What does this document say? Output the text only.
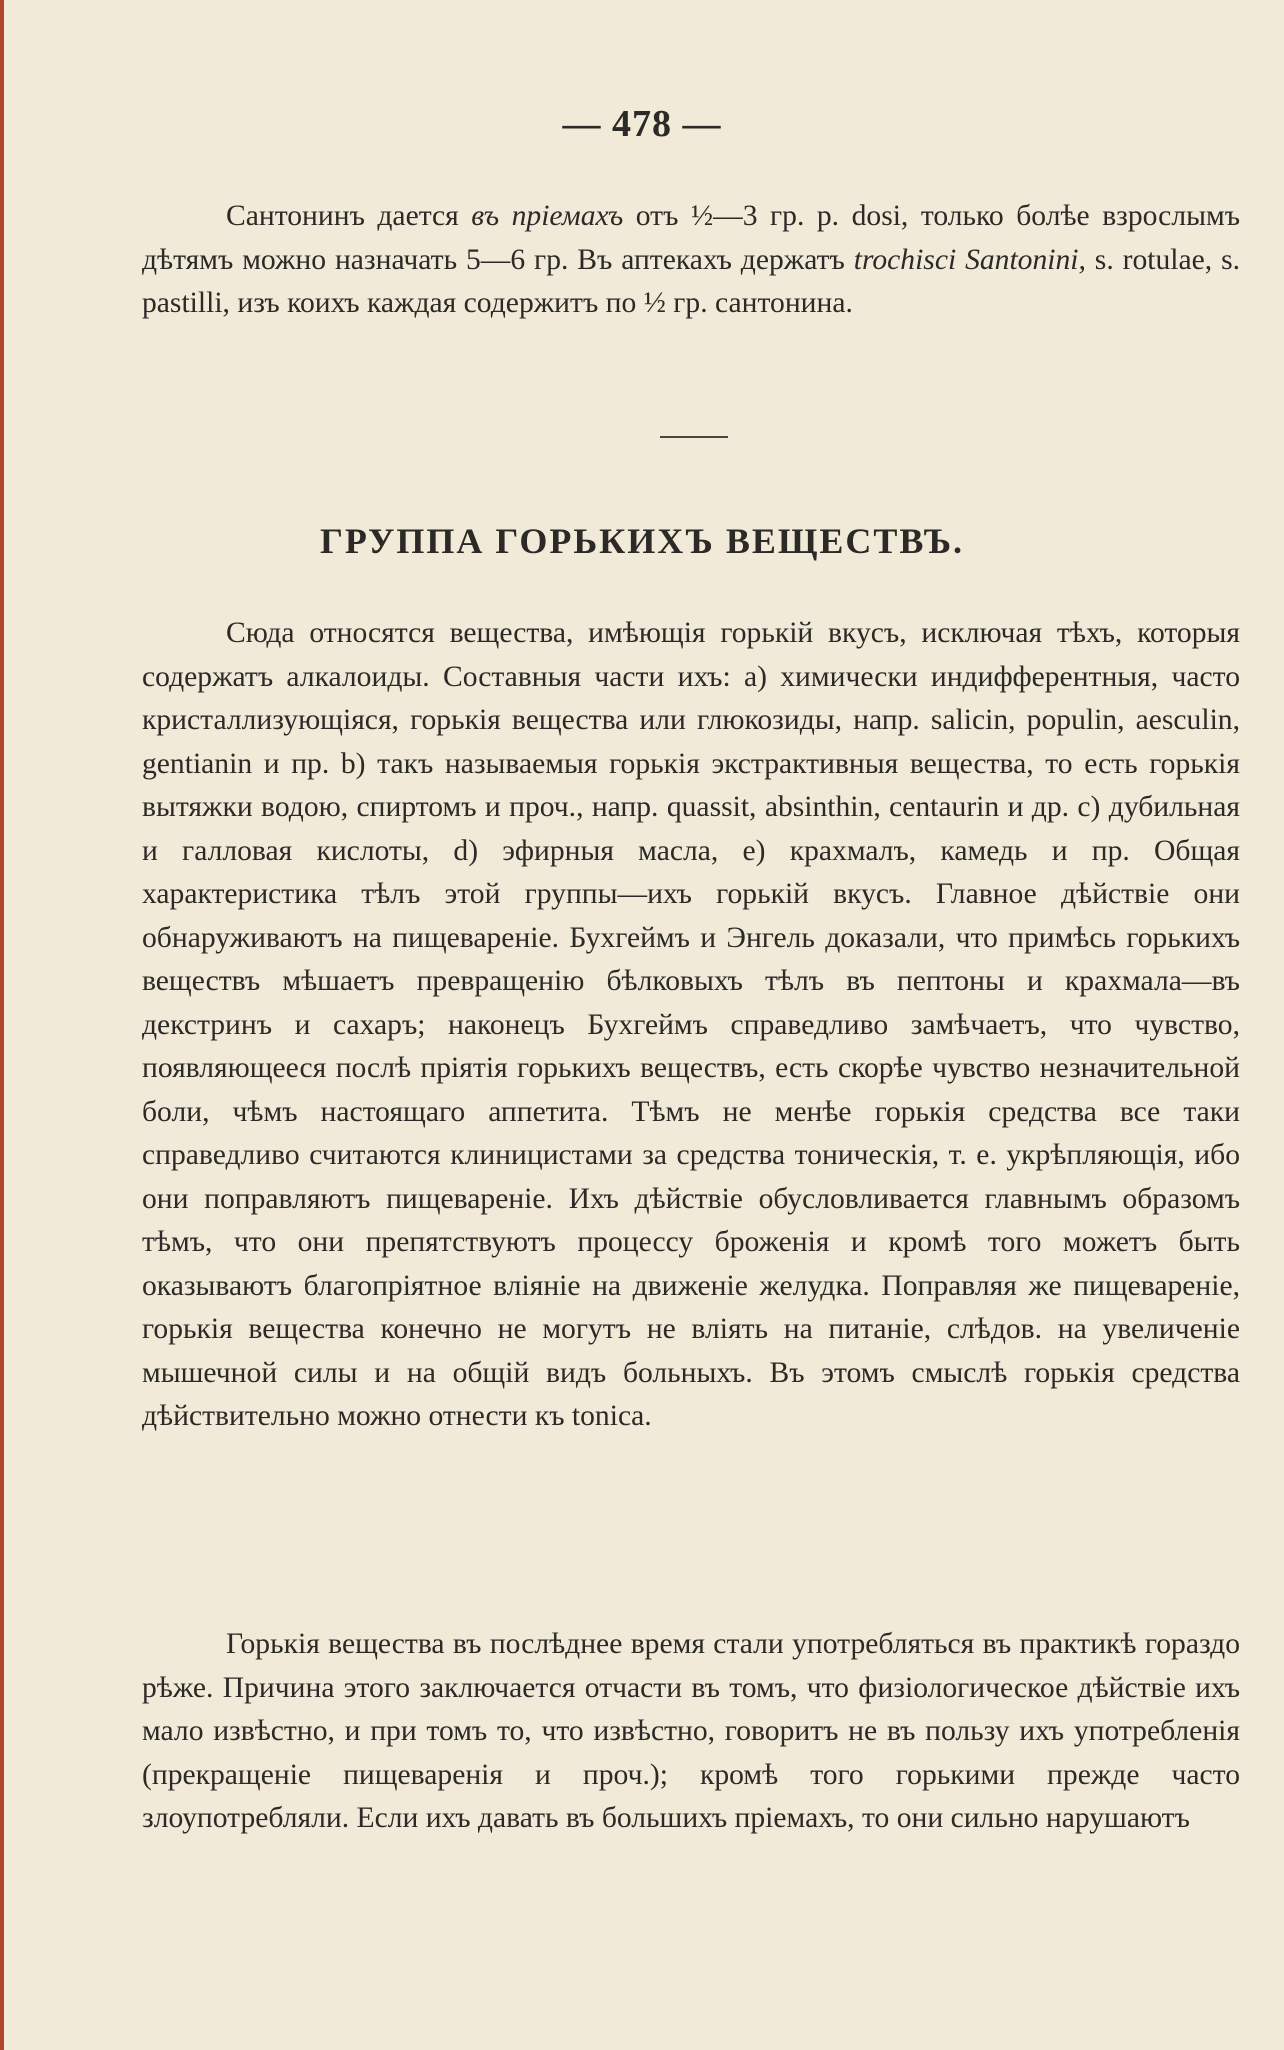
— 478 —

Сантонинъ дается въ пріемахъ отъ ½—3 гр. p. dosi, только болѣе взрослымъ дѣтямъ можно назначать 5—6 гр. Въ аптекахъ держатъ trochisci Santonini, s. rotulae, s. pastilli, изъ коихъ каждая содержитъ по ½ гр. сантонина.

ГРУППА ГОРЬКИХЪ ВЕЩЕСТВЪ.

Сюда относятся вещества, имѣющія горькій вкусъ, исключая тѣхъ, которыя содержатъ алкалоиды. Составныя части ихъ: a) химически индифферентныя, часто кристаллизующіяся, горькія вещества или глюкозиды, напр. salicin, populin, aesculin, gentianin и пр. b) такъ называемыя горькія экстрактивныя вещества, то есть горькія вытяжки водою, спиртомъ и проч., напр. quassit, absinthin, centaurin и др. c) дубильная и галловая кислоты, d) эфирныя масла, e) крахмалъ, камедь и пр. Общая характеристика тѣлъ этой группы—ихъ горькій вкусъ. Главное дѣйствіе они обнаруживаютъ на пищевареніе. Бухгеймъ и Энгель доказали, что примѣсь горькихъ веществъ мѣшаетъ превращенію бѣлковыхъ тѣлъ въ пептоны и крахмала—въ декстринъ и сахаръ; наконецъ Бухгеймъ справедливо замѣчаетъ, что чувство, появляющееся послѣ пріятія горькихъ веществъ, есть скорѣе чувство незначительной боли, чѣмъ настоящаго аппетита. Тѣмъ не менѣе горькія средства все таки справедливо считаются клиницистами за средства тоническія, т. е. укрѣпляющія, ибо они поправляютъ пищевареніе. Ихъ дѣйствіе обусловливается главнымъ образомъ тѣмъ, что они препятствуютъ процессу броженія и кромѣ того можетъ быть оказываютъ благопріятное вліяніе на движеніе желудка. Поправляя же пищевареніе, горькія вещества конечно не могутъ не вліять на питаніе, слѣдов. на увеличеніе мышечной силы и на общій видъ больныхъ. Въ этомъ смыслѣ горькія средства дѣйствительно можно отнести къ tonica.

Горькія вещества въ послѣднее время стали употребляться въ практикѣ гораздо рѣже. Причина этого заключается отчасти въ томъ, что физіологическое дѣйствіе ихъ мало извѣстно, и при томъ то, что извѣстно, говоритъ не въ пользу ихъ употребленія (прекращеніе пищеваренія и проч.); кромѣ того горькими прежде часто злоупотребляли. Если ихъ давать въ большихъ пріемахъ, то они сильно нарушаютъ
